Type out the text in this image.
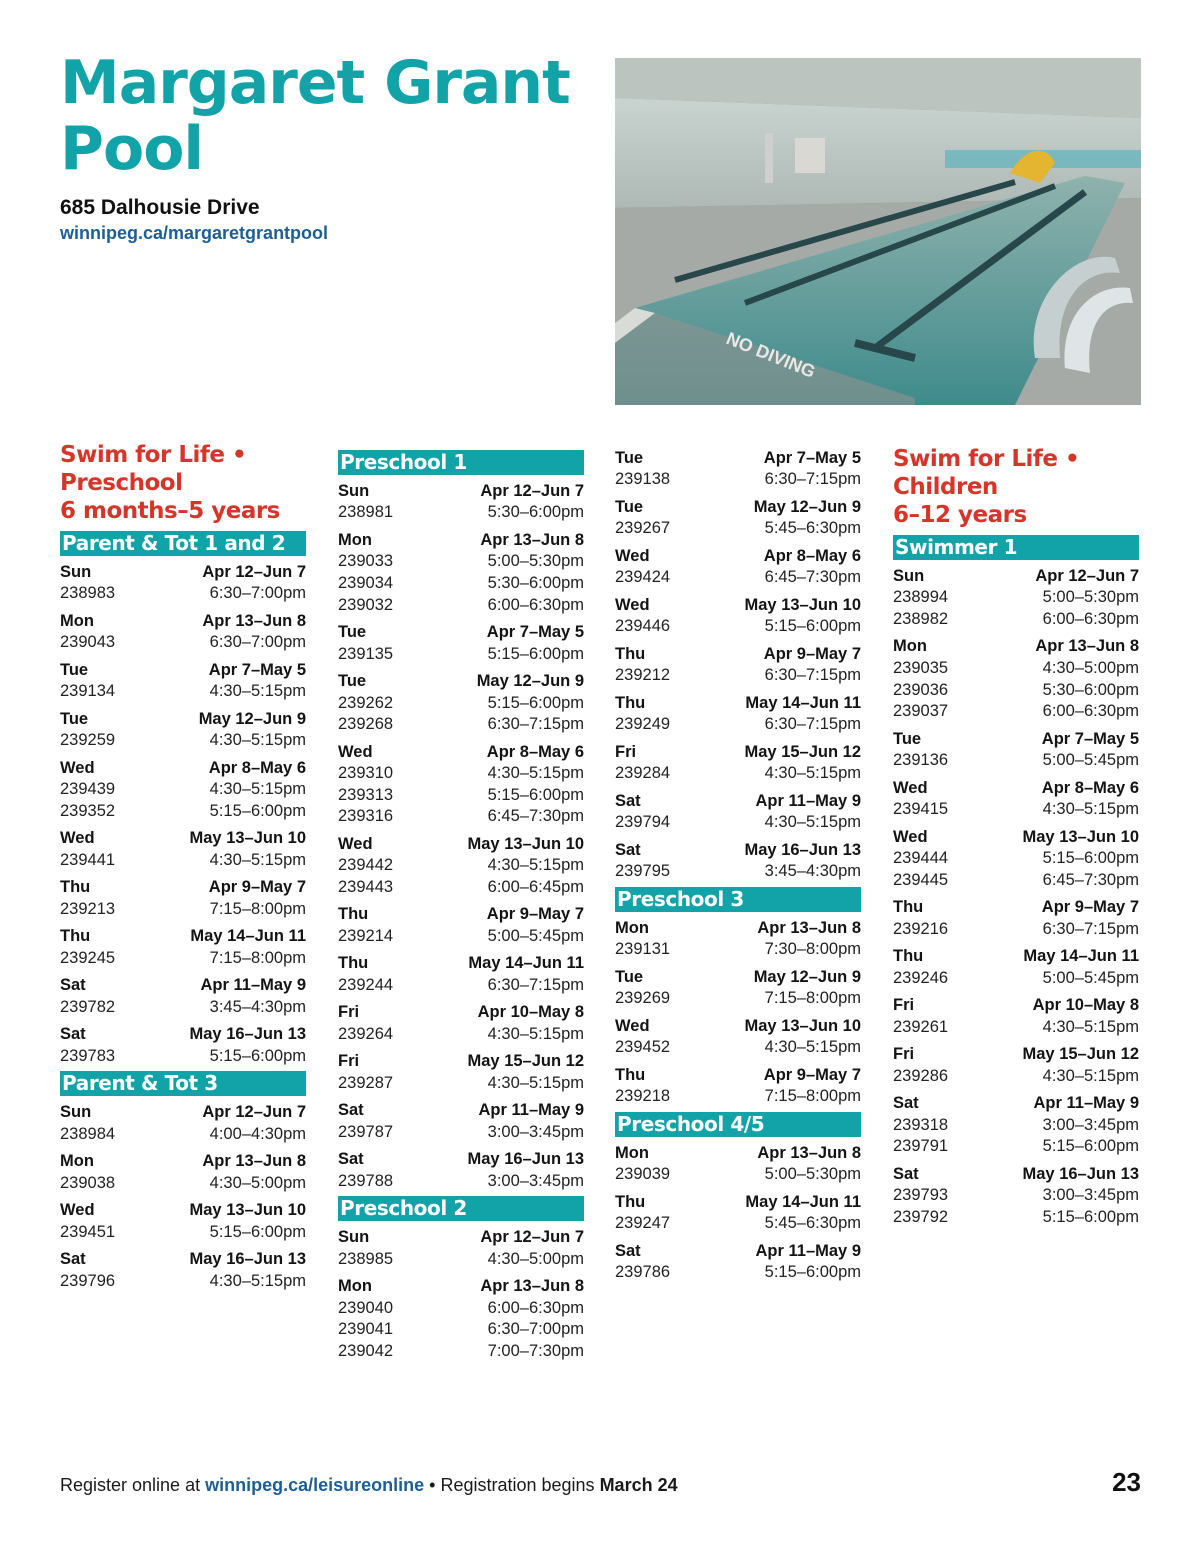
Margaret Grant Pool
685 Dalhousie Drive
winnipeg.ca/margaretgrantpool
NO DIVING
Swim for Life • Preschool
6 months–5 years
Parent & Tot 1 and 2
Sun	Apr 12–Jun 7
238983	6:30–7:00pm
Mon	Apr 13–Jun 8
239043	6:30–7:00pm
Tue	Apr 7–May 5
239134	4:30–5:15pm
Tue	May 12–Jun 9
239259	4:30–5:15pm
Wed	Apr 8–May 6
239439	4:30–5:15pm
239352	5:15–6:00pm
Wed	May 13–Jun 10
239441	4:30–5:15pm
Thu	Apr 9–May 7
239213	7:15–8:00pm
Thu	May 14–Jun 11
239245	7:15–8:00pm
Sat	Apr 11–May 9
239782	3:45–4:30pm
Sat	May 16–Jun 13
239783	5:15–6:00pm
Parent & Tot 3
Sun	Apr 12–Jun 7
238984	4:00–4:30pm
Mon	Apr 13–Jun 8
239038	4:30–5:00pm
Wed	May 13–Jun 10
239451	5:15–6:00pm
Sat	May 16–Jun 13
239796	4:30–5:15pm
Preschool 1
Sun	Apr 12–Jun 7
238981	5:30–6:00pm
Mon	Apr 13–Jun 8
239033	5:00–5:30pm
239034	5:30–6:00pm
239032	6:00–6:30pm
Tue	Apr 7–May 5
239135	5:15–6:00pm
Tue	May 12–Jun 9
239262	5:15–6:00pm
239268	6:30–7:15pm
Wed	Apr 8–May 6
239310	4:30–5:15pm
239313	5:15–6:00pm
239316	6:45–7:30pm
Wed	May 13–Jun 10
239442	4:30–5:15pm
239443	6:00–6:45pm
Thu	Apr 9–May 7
239214	5:00–5:45pm
Thu	May 14–Jun 11
239244	6:30–7:15pm
Fri	Apr 10–May 8
239264	4:30–5:15pm
Fri	May 15–Jun 12
239287	4:30–5:15pm
Sat	Apr 11–May 9
239787	3:00–3:45pm
Sat	May 16–Jun 13
239788	3:00–3:45pm
Preschool 2
Sun	Apr 12–Jun 7
238985	4:30–5:00pm
Mon	Apr 13–Jun 8
239040	6:00–6:30pm
239041	6:30–7:00pm
239042	7:00–7:30pm
Tue	Apr 7–May 5
239138	6:30–7:15pm
Tue	May 12–Jun 9
239267	5:45–6:30pm
Wed	Apr 8–May 6
239424	6:45–7:30pm
Wed	May 13–Jun 10
239446	5:15–6:00pm
Thu	Apr 9–May 7
239212	6:30–7:15pm
Thu	May 14–Jun 11
239249	6:30–7:15pm
Fri	May 15–Jun 12
239284	4:30–5:15pm
Sat	Apr 11–May 9
239794	4:30–5:15pm
Sat	May 16–Jun 13
239795	3:45–4:30pm
Preschool 3
Mon	Apr 13–Jun 8
239131	7:30–8:00pm
Tue	May 12–Jun 9
239269	7:15–8:00pm
Wed	May 13–Jun 10
239452	4:30–5:15pm
Thu	Apr 9–May 7
239218	7:15–8:00pm
Preschool 4/5
Mon	Apr 13–Jun 8
239039	5:00–5:30pm
Thu	May 14–Jun 11
239247	5:45–6:30pm
Sat	Apr 11–May 9
239786	5:15–6:00pm
Swim for Life • Children
6–12 years
Swimmer 1
Sun	Apr 12–Jun 7
238994	5:00–5:30pm
238982	6:00–6:30pm
Mon	Apr 13–Jun 8
239035	4:30–5:00pm
239036	5:30–6:00pm
239037	6:00–6:30pm
Tue	Apr 7–May 5
239136	5:00–5:45pm
Wed	Apr 8–May 6
239415	4:30–5:15pm
Wed	May 13–Jun 10
239444	5:15–6:00pm
239445	6:45–7:30pm
Thu	Apr 9–May 7
239216	6:30–7:15pm
Thu	May 14–Jun 11
239246	5:00–5:45pm
Fri	Apr 10–May 8
239261	4:30–5:15pm
Fri	May 15–Jun 12
239286	4:30–5:15pm
Sat	Apr 11–May 9
239318	3:00–3:45pm
239791	5:15–6:00pm
Sat	May 16–Jun 13
239793	3:00–3:45pm
239792	5:15–6:00pm
Register online at winnipeg.ca/leisureonline • Registration begins March 24	23
